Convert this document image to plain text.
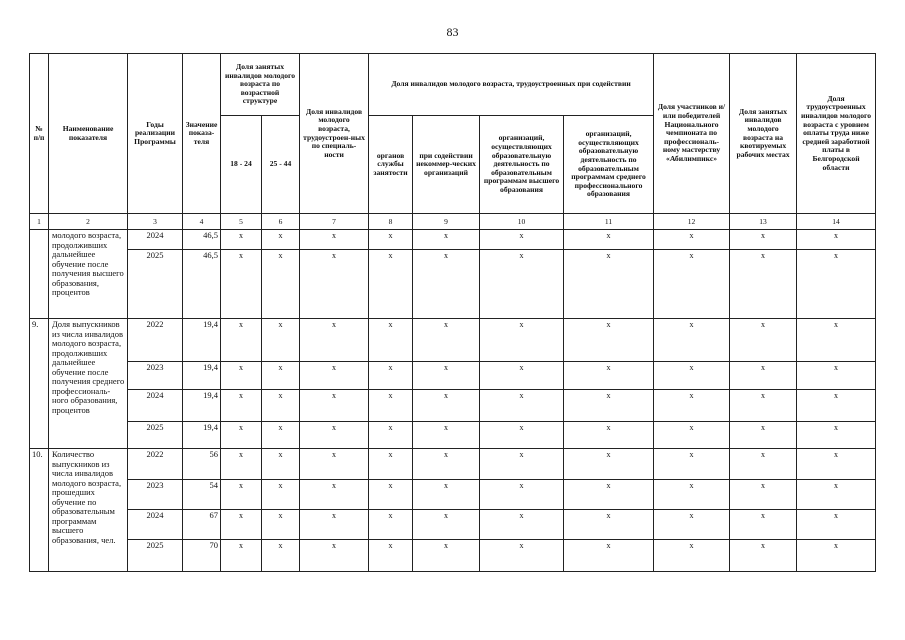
83
№ п/п	Наименование показателя	Годы реализации Программы	Значение показа-теля	Доля занятых инвалидов молодого возраста по возрастной структуре		Доля инвалидов молодого возраста, трудоустроен-ных по специаль-ности	Доля инвалидов молодого возраста, трудоустроенных при содействии				Доля участников и/или победителей Национального чемпионата по профессиональ-ному мастерству «Абилимпикс»	Доля занятых инвалидов молодого возраста на квотируемых рабочих местах	Доля трудоустроенных инвалидов молодого возраста с уровнем оплаты труда ниже средней заработной платы в Белгородской области
				18 - 24	25 - 44		органов службы занятости	при содействии некоммер-ческих организаций	организаций, осуществляющих образовательную деятельность по образовательным программам высшего образования	организаций, осуществляющих образовательную деятельность по образовательным программам среднего профессионального образования			
1	2	3	4	5	6	7	8	9	10	11	12	13	14
	молодого возраста, продолживших дальнейшее обучение после получения высшего образования, процентов	2024	46,5	x	x	x	x	x	x	x	x	x	x
		2025	46,5	x	x	x	x	x	x	x	x	x	x
9.	Доля выпускников из числа инвалидов молодого возраста, продолживших дальнейшее обучение после получения среднего профессиональ-ного образования, процентов	2022	19,4	x	x	x	x	x	x	x	x	x	x
		2023	19,4	x	x	x	x	x	x	x	x	x	x
		2024	19,4	x	x	x	x	x	x	x	x	x	x
		2025	19,4	x	x	x	x	x	x	x	x	x	x
10.	Количество выпускников из числа инвалидов молодого возраста, прошедших обучение по образовательным программам высшего образования, чел.	2022	56	x	x	x	x	x	x	x	x	x	x
		2023	54	x	x	x	x	x	x	x	x	x	x
		2024	67	x	x	x	x	x	x	x	x	x	x
		2025	70	x	x	x	x	x	x	x	x	x	x
